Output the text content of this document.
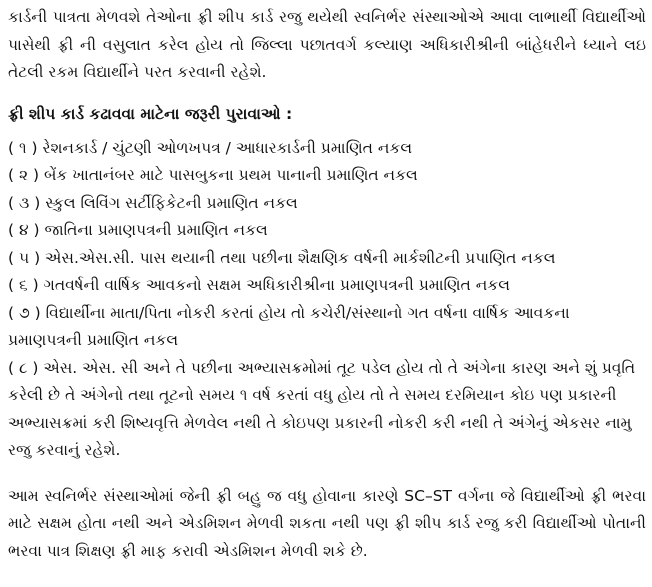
કાર્ડની પાત્રતા મેળવશે તેઓના ફ્રી શીપ કાર્ડ રજુ થયેથી સ્વનિર્ભર સંસ્થાઓએ આવા લાભાર્થી વિદ્યાર્થીઓ પાસેથી ફ્રી ની વસુલાત કરેલ હોય તો જિલ્લા પછાતવર્ગ કલ્યાણ અધિકારીશ્રીની બાંહેધરીને ધ્યાને લઇ તેટલી રકમ વિદ્યાર્થીને પરત કરવાની રહેશે.

ફ્રી શીપ કાર્ડ કઢાવવા માટેના જરૂરી પુરાવાઓ :

( ૧ ) રેશનકાર્ડ / ચુંટણી ઓળખપત્ર / આધારકાર્ડની પ્રમાણિત નકલ
( ૨ ) બેંક ખાતાનંબર માટે પાસબુકના પ્રથમ પાનાની પ્રમાણિત નકલ
( ૩ ) સ્કુલ લિવિંગ સર્ટીફિકેટની પ્રમાણિત નકલ
( ૪ ) જાતિના પ્રમાણપત્રની પ્રમાણિત નકલ
( ૫ ) એસ.એસ.સી. પાસ થયાની તથા પછીના શૈક્ષણિક વર્ષની માર્કશીટની પ્રપાણિત નકલ
( ૬ ) ગતવર્ષની વાર્ષિક આવકનો સક્ષમ અધિકારીશ્રીના પ્રમાણપત્રની પ્રમાણિત નકલ
( ૭ ) વિદ્યાર્થીના માતા/પિતા નોકરી કરતાં હોય તો કચેરી/સંસ્થાનો ગત વર્ષના વાર્ષિક આવકના પ્રમાણપત્રની પ્રમાણિત નકલ
( ૮ ) એસ. એસ. સી અને તે પછીના અભ્યાસક્રમોમાં તૂટ પડેલ હોય તો તે અંગેના કારણ અને શું પ્રવૃતિ કરેલી છે તે અંગેનો તથા તૂટનો સમય ૧ વર્ષ કરતાં વધુ હોય તો તે સમય દરમિયાન કોઇ પણ પ્રકારની અભ્યાસક્રમાં કરી શિષ્યવૃત્તિ મેળવેલ નથી તે કોઇપણ પ્રકારની નોકરી કરી નથી તે અંગેનું એકસર નામુ રજુ કરવાનું રહેશે.

આમ સ્વનિર્ભર સંસ્થાઓમાં જેની ફ્રી બહુ જ વધુ હોવાના કારણે SC–ST વર્ગના જે વિદ્યાર્થીઓ ફ્રી ભરવા માટે સક્ષમ હોતા નથી અને એડમિશન મેળવી શકતા નથી પણ ફ્રી શીપ કાર્ડ રજુ કરી વિદ્યાર્થીઓ પોતાની ભરવા પાત્ર શિક્ષણ ફ્રી માફ કરાવી એડમિશન મેળવી શકે છે.
